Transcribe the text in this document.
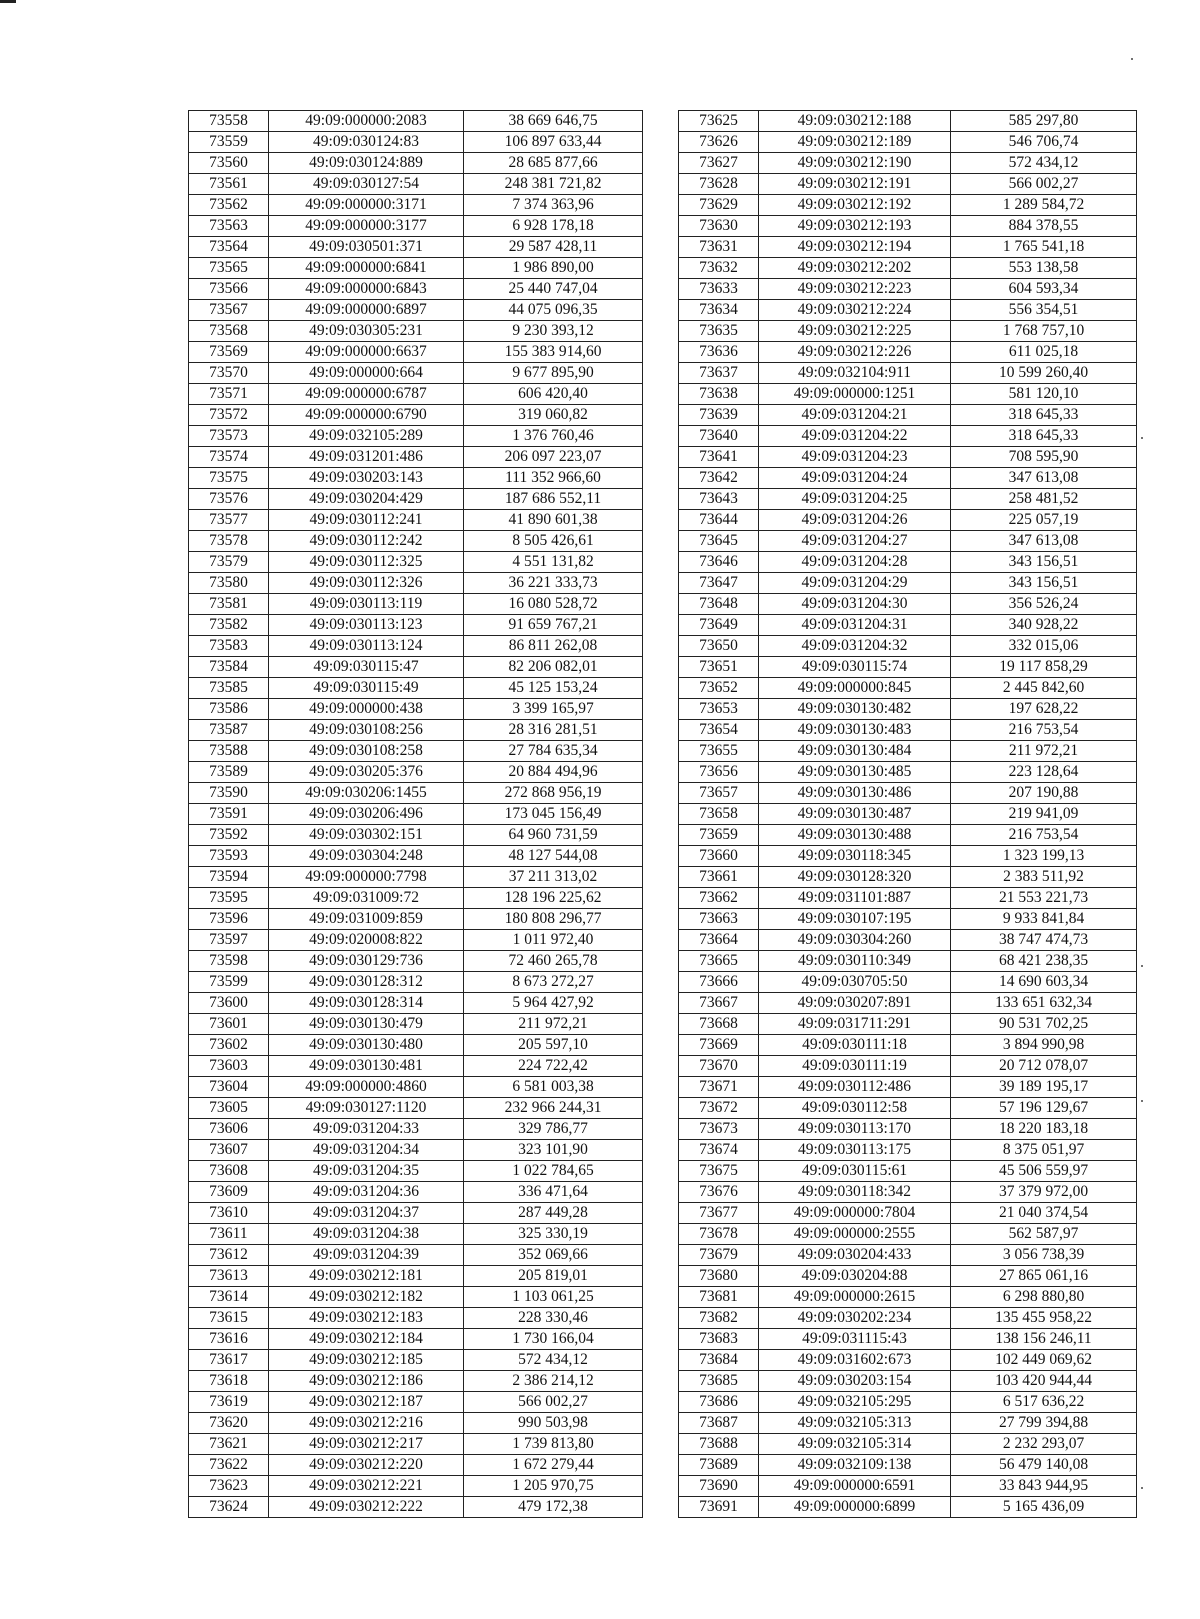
73558	49:09:000000:2083	38 669 646,75
73559	49:09:030124:83	106 897 633,44
73560	49:09:030124:889	28 685 877,66
73561	49:09:030127:54	248 381 721,82
73562	49:09:000000:3171	7 374 363,96
73563	49:09:000000:3177	6 928 178,18
73564	49:09:030501:371	29 587 428,11
73565	49:09:000000:6841	1 986 890,00
73566	49:09:000000:6843	25 440 747,04
73567	49:09:000000:6897	44 075 096,35
73568	49:09:030305:231	9 230 393,12
73569	49:09:000000:6637	155 383 914,60
73570	49:09:000000:664	9 677 895,90
73571	49:09:000000:6787	606 420,40
73572	49:09:000000:6790	319 060,82
73573	49:09:032105:289	1 376 760,46
73574	49:09:031201:486	206 097 223,07
73575	49:09:030203:143	111 352 966,60
73576	49:09:030204:429	187 686 552,11
73577	49:09:030112:241	41 890 601,38
73578	49:09:030112:242	8 505 426,61
73579	49:09:030112:325	4 551 131,82
73580	49:09:030112:326	36 221 333,73
73581	49:09:030113:119	16 080 528,72
73582	49:09:030113:123	91 659 767,21
73583	49:09:030113:124	86 811 262,08
73584	49:09:030115:47	82 206 082,01
73585	49:09:030115:49	45 125 153,24
73586	49:09:000000:438	3 399 165,97
73587	49:09:030108:256	28 316 281,51
73588	49:09:030108:258	27 784 635,34
73589	49:09:030205:376	20 884 494,96
73590	49:09:030206:1455	272 868 956,19
73591	49:09:030206:496	173 045 156,49
73592	49:09:030302:151	64 960 731,59
73593	49:09:030304:248	48 127 544,08
73594	49:09:000000:7798	37 211 313,02
73595	49:09:031009:72	128 196 225,62
73596	49:09:031009:859	180 808 296,77
73597	49:09:020008:822	1 011 972,40
73598	49:09:030129:736	72 460 265,78
73599	49:09:030128:312	8 673 272,27
73600	49:09:030128:314	5 964 427,92
73601	49:09:030130:479	211 972,21
73602	49:09:030130:480	205 597,10
73603	49:09:030130:481	224 722,42
73604	49:09:000000:4860	6 581 003,38
73605	49:09:030127:1120	232 966 244,31
73606	49:09:031204:33	329 786,77
73607	49:09:031204:34	323 101,90
73608	49:09:031204:35	1 022 784,65
73609	49:09:031204:36	336 471,64
73610	49:09:031204:37	287 449,28
73611	49:09:031204:38	325 330,19
73612	49:09:031204:39	352 069,66
73613	49:09:030212:181	205 819,01
73614	49:09:030212:182	1 103 061,25
73615	49:09:030212:183	228 330,46
73616	49:09:030212:184	1 730 166,04
73617	49:09:030212:185	572 434,12
73618	49:09:030212:186	2 386 214,12
73619	49:09:030212:187	566 002,27
73620	49:09:030212:216	990 503,98
73621	49:09:030212:217	1 739 813,80
73622	49:09:030212:220	1 672 279,44
73623	49:09:030212:221	1 205 970,75
73624	49:09:030212:222	479 172,38
73625	49:09:030212:188	585 297,80
73626	49:09:030212:189	546 706,74
73627	49:09:030212:190	572 434,12
73628	49:09:030212:191	566 002,27
73629	49:09:030212:192	1 289 584,72
73630	49:09:030212:193	884 378,55
73631	49:09:030212:194	1 765 541,18
73632	49:09:030212:202	553 138,58
73633	49:09:030212:223	604 593,34
73634	49:09:030212:224	556 354,51
73635	49:09:030212:225	1 768 757,10
73636	49:09:030212:226	611 025,18
73637	49:09:032104:911	10 599 260,40
73638	49:09:000000:1251	581 120,10
73639	49:09:031204:21	318 645,33
73640	49:09:031204:22	318 645,33
73641	49:09:031204:23	708 595,90
73642	49:09:031204:24	347 613,08
73643	49:09:031204:25	258 481,52
73644	49:09:031204:26	225 057,19
73645	49:09:031204:27	347 613,08
73646	49:09:031204:28	343 156,51
73647	49:09:031204:29	343 156,51
73648	49:09:031204:30	356 526,24
73649	49:09:031204:31	340 928,22
73650	49:09:031204:32	332 015,06
73651	49:09:030115:74	19 117 858,29
73652	49:09:000000:845	2 445 842,60
73653	49:09:030130:482	197 628,22
73654	49:09:030130:483	216 753,54
73655	49:09:030130:484	211 972,21
73656	49:09:030130:485	223 128,64
73657	49:09:030130:486	207 190,88
73658	49:09:030130:487	219 941,09
73659	49:09:030130:488	216 753,54
73660	49:09:030118:345	1 323 199,13
73661	49:09:030128:320	2 383 511,92
73662	49:09:031101:887	21 553 221,73
73663	49:09:030107:195	9 933 841,84
73664	49:09:030304:260	38 747 474,73
73665	49:09:030110:349	68 421 238,35
73666	49:09:030705:50	14 690 603,34
73667	49:09:030207:891	133 651 632,34
73668	49:09:031711:291	90 531 702,25
73669	49:09:030111:18	3 894 990,98
73670	49:09:030111:19	20 712 078,07
73671	49:09:030112:486	39 189 195,17
73672	49:09:030112:58	57 196 129,67
73673	49:09:030113:170	18 220 183,18
73674	49:09:030113:175	8 375 051,97
73675	49:09:030115:61	45 506 559,97
73676	49:09:030118:342	37 379 972,00
73677	49:09:000000:7804	21 040 374,54
73678	49:09:000000:2555	562 587,97
73679	49:09:030204:433	3 056 738,39
73680	49:09:030204:88	27 865 061,16
73681	49:09:000000:2615	6 298 880,80
73682	49:09:030202:234	135 455 958,22
73683	49:09:031115:43	138 156 246,11
73684	49:09:031602:673	102 449 069,62
73685	49:09:030203:154	103 420 944,44
73686	49:09:032105:295	6 517 636,22
73687	49:09:032105:313	27 799 394,88
73688	49:09:032105:314	2 232 293,07
73689	49:09:032109:138	56 479 140,08
73690	49:09:000000:6591	33 843 944,95
73691	49:09:000000:6899	5 165 436,09
